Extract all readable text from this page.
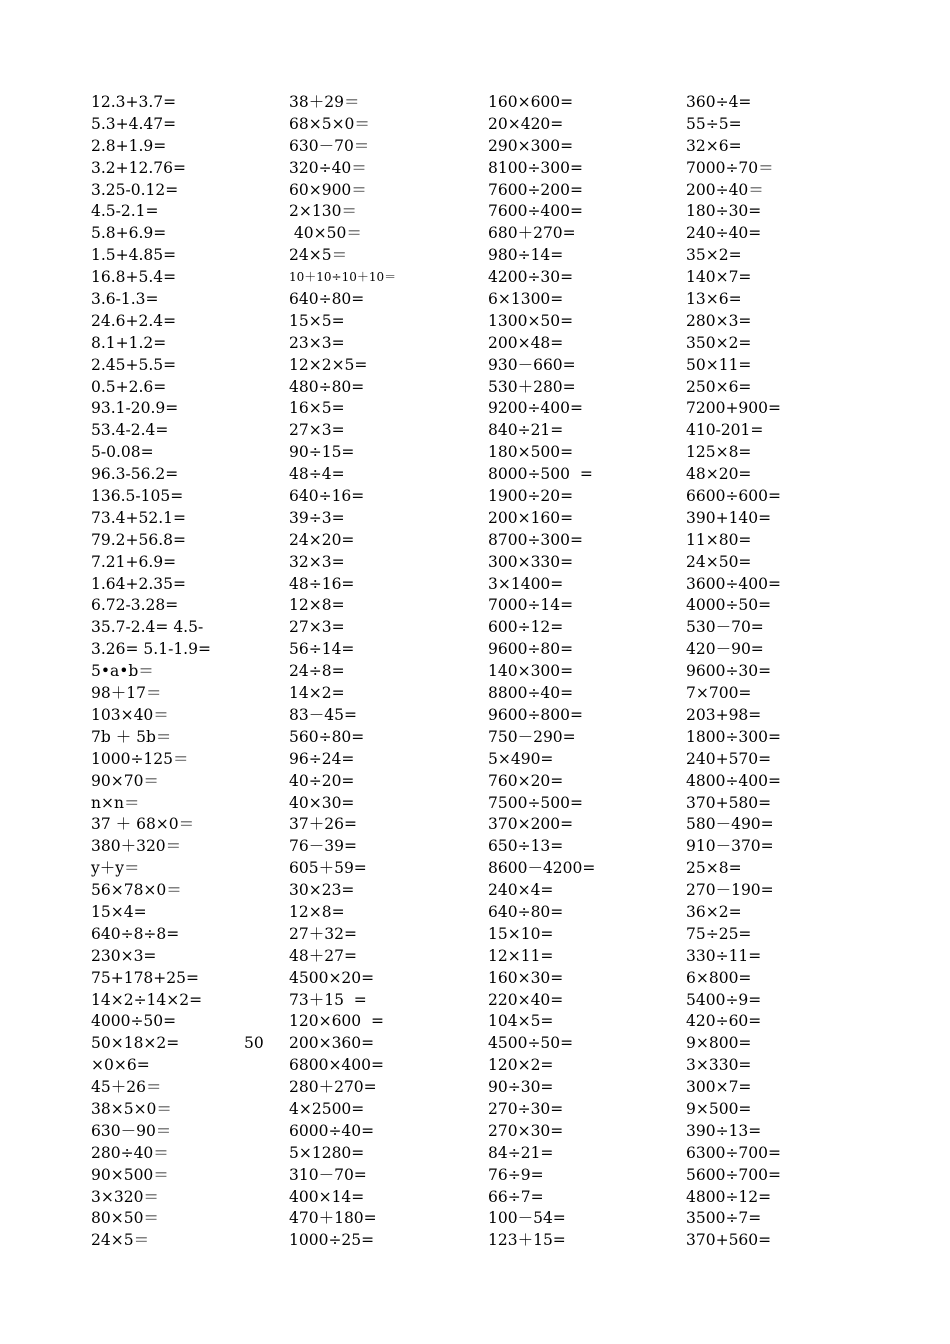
12.3+3.7=
5.3+4.47=
2.8+1.9=
3.2+12.76=
3.25-0.12=
4.5-2.1=
5.8+6.9=
1.5+4.85=
16.8+5.4=
3.6-1.3=
24.6+2.4=
8.1+1.2=
2.45+5.5=
0.5+2.6=
93.1-20.9=
53.4-2.4=
5-0.08=
96.3-56.2=
136.5-105=
73.4+52.1=
79.2+56.8=
7.21+6.9=
1.64+2.35=
6.72-3.28=
35.7-2.4= 4.5-
3.26= 5.1-1.9=
5•a•b＝
98＋17＝
103×40＝
7b ＋ 5b＝
1000÷125＝
90×70＝
n×n＝
37 ＋ 68×0＝
380＋320＝
y＋y＝
56×78×0＝
15×4=
640÷8÷8=
230×3=
75+178+25=
14×2÷14×2=
4000÷50=
50×18×2=
×0×6=
45＋26＝
38×5×0＝
630－90＝
280÷40＝
90×500＝
3×320＝
80×50＝
24×5＝
38＋29＝
68×5×0＝
630－70＝
320÷40＝
60×900＝
2×130＝
40×50＝
24×5＝
10＋10÷10＋10＝
640÷80=
15×5=
23×3=
12×2×5=
480÷80=
16×5=
27×3=
90÷15=
48÷4=
640÷16=
39÷3=
24×20=
32×3=
48÷16=
12×8=
27×3=
56÷14=
24÷8=
14×2=
83－45=
560÷80=
96÷24=
40÷20=
40×30=
37＋26=
76－39=
605＋59=
30×23=
12×8=
27＋32=
48＋27=
4500×20=
73＋15  =
120×600  =
200×360=
6800×400=
280＋270=
4×2500=
6000÷40=
5×1280=
310－70=
400×14=
470＋180=
1000÷25=
160×600=
20×420=
290×300=
8100÷300=
7600÷200=
7600÷400=
680＋270=
980÷14=
4200÷30=
6×1300=
1300×50=
200×48=
930－660=
530＋280=
9200÷400=
840÷21=
180×500=
8000÷500  =
1900÷20=
200×160=
8700÷300=
300×330=
3×1400=
7000÷14=
600÷12=
9600÷80=
140×300=
8800÷40=
9600÷800=
750－290=
5×490=
760×20=
7500÷500=
370×200=
650÷13=
8600－4200=
240×4=
640÷80=
15×10=
12×11=
160×30=
220×40=
104×5=
4500÷50=
120×2=
90÷30=
270÷30=
270×30=
84÷21=
76÷9=
66÷7=
100－54=
123＋15=
360÷4=
55÷5=
32×6=
7000÷70＝
200÷40＝
180÷30=
240÷40=
35×2=
140×7=
13×6=
280×3=
350×2=
50×11=
250×6=
7200+900=
410-201=
125×8=
48×20=
6600÷600=
390+140=
11×80=
24×50=
3600÷400=
4000÷50=
530－70=
420－90=
9600÷30=
7×700=
203+98=
1800÷300=
240+570=
4800÷400=
370+580=
580－490=
910－370=
25×8=
270－190=
36×2=
75÷25=
330÷11=
6×800=
5400÷9=
420÷60=
9×800=
3×330=
300×7=
9×500=
390÷13=
6300÷700=
5600÷700=
4800÷12=
3500÷7=
370+560=
50
